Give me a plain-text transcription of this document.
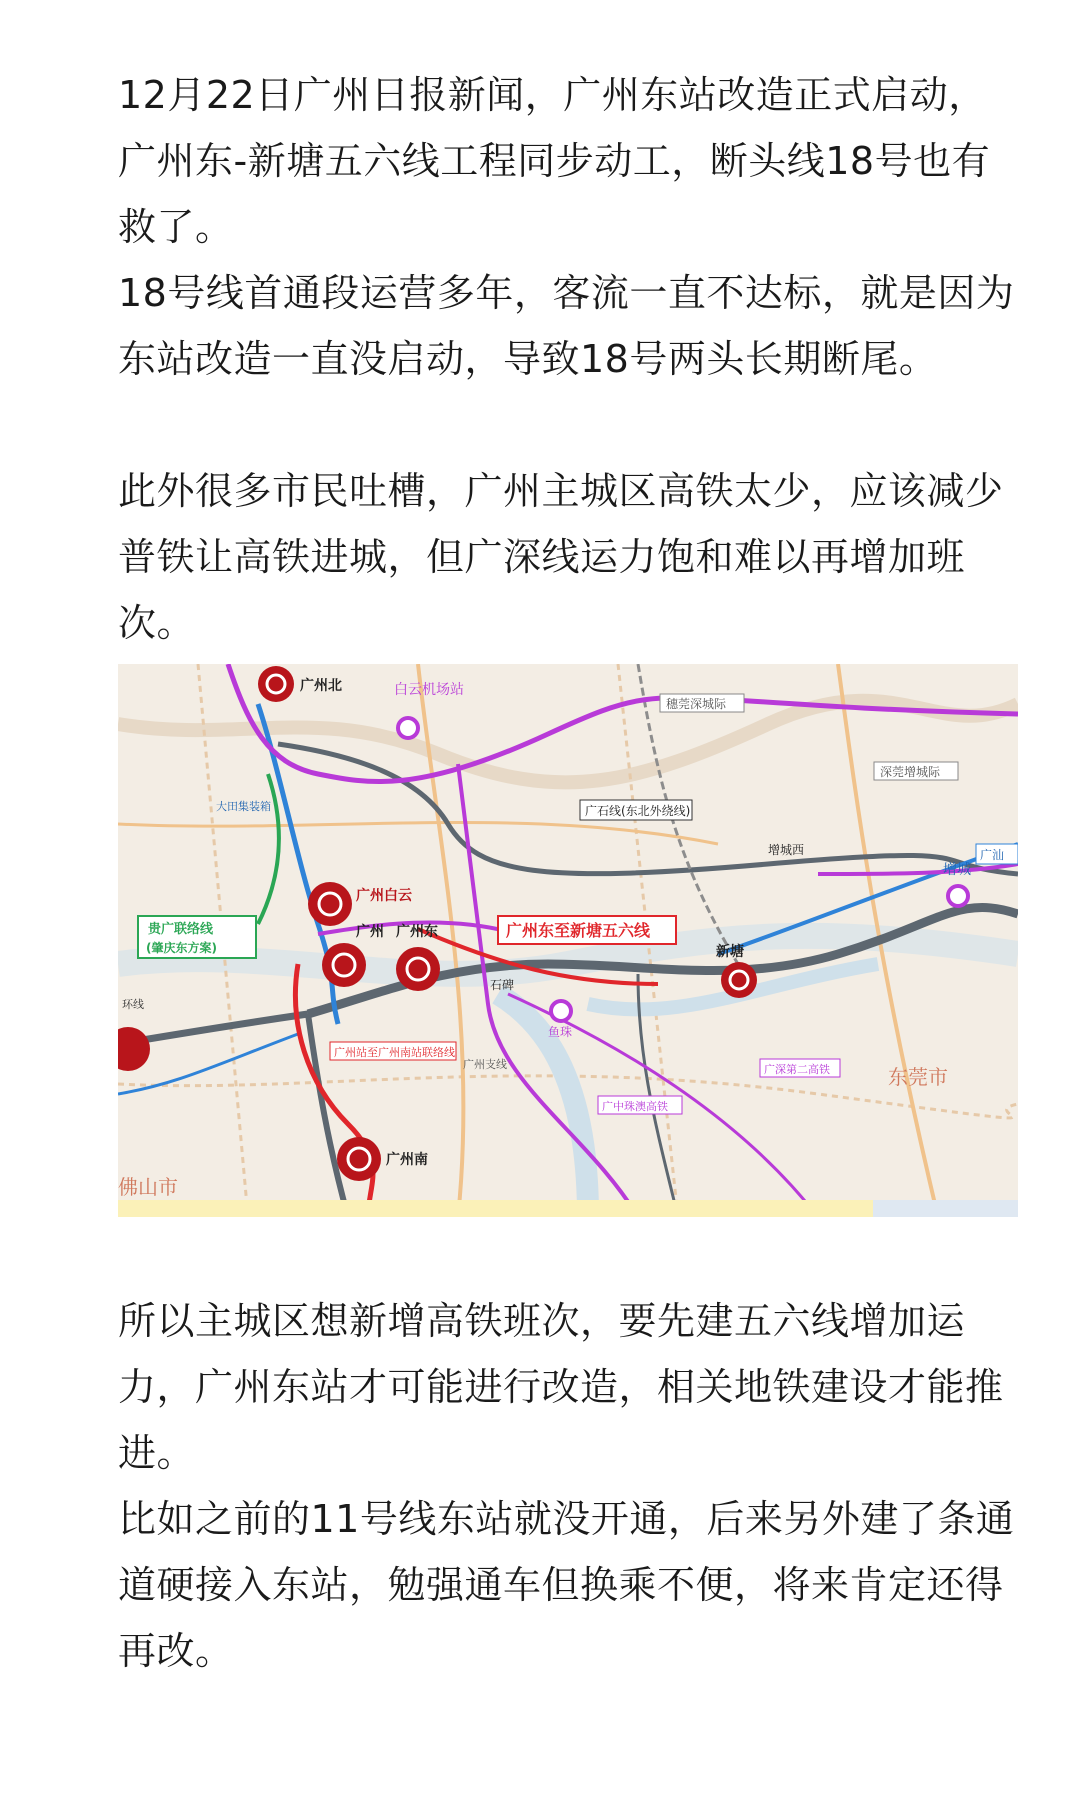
12月22日广州日报新闻，广州东站改造正式启动，广州东-新塘五六线工程同步动工，断头线18号也有救了。

18号线首通段运营多年，客流一直不达标，就是因为东站改造一直没启动，导致18号两头长期断尾。

此外很多市民吐槽，广州主城区高铁太少，应该减少普铁让高铁进城，但广深线运力饱和难以再增加班次。

广州北	白云机场站
广州白云
广州 广州东
新塘
广州南
增城
增城西
石碑
鱼珠
东莞市
佛山市
广州东至新塘五六线
贵广联络线
(肇庆东方案)
广石线(东北外绕线)
穗莞深城际
深莞增城际
广汕
广州站至广州南站联络线
广深第二高铁
广中珠澳高铁
大田集装箱
广州支线
环线

所以主城区想新增高铁班次，要先建五六线增加运力，广州东站才可能进行改造，相关地铁建设才能推进。

比如之前的11号线东站就没开通，后来另外建了条通道硬接入东站，勉强通车但换乘不便，将来肯定还得再改。
